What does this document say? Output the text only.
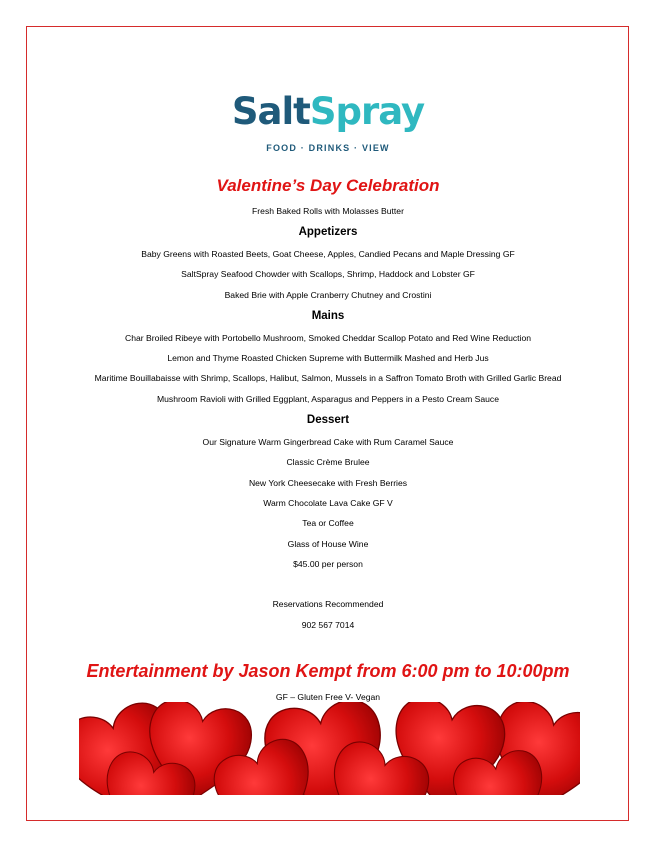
SaltSpray
FOOD · DRINKS · VIEW
Valentine’s Day Celebration
Fresh Baked Rolls with Molasses Butter
Appetizers
Baby Greens with Roasted Beets, Goat Cheese, Apples, Candied Pecans and Maple Dressing GF
SaltSpray Seafood Chowder with Scallops, Shrimp, Haddock and Lobster GF
Baked Brie with Apple Cranberry Chutney and Crostini
Mains
Char Broiled Ribeye with Portobello Mushroom, Smoked Cheddar Scallop Potato and Red Wine Reduction
Lemon and Thyme Roasted Chicken Supreme with Buttermilk Mashed and Herb Jus
Maritime Bouillabaisse with Shrimp, Scallops, Halibut, Salmon, Mussels in a Saffron Tomato Broth with Grilled Garlic Bread
Mushroom Ravioli with Grilled Eggplant, Asparagus and Peppers in a Pesto Cream Sauce
Dessert
Our Signature Warm Gingerbread Cake with Rum Caramel Sauce
Classic Crème Brulee
New York Cheesecake with Fresh Berries
Warm Chocolate Lava Cake GF V
Tea or Coffee
Glass of House Wine
$45.00 per person
Reservations Recommended
902 567 7014
Entertainment by Jason Kempt from 6:00 pm to 10:00pm
GF – Gluten Free V- Vegan
